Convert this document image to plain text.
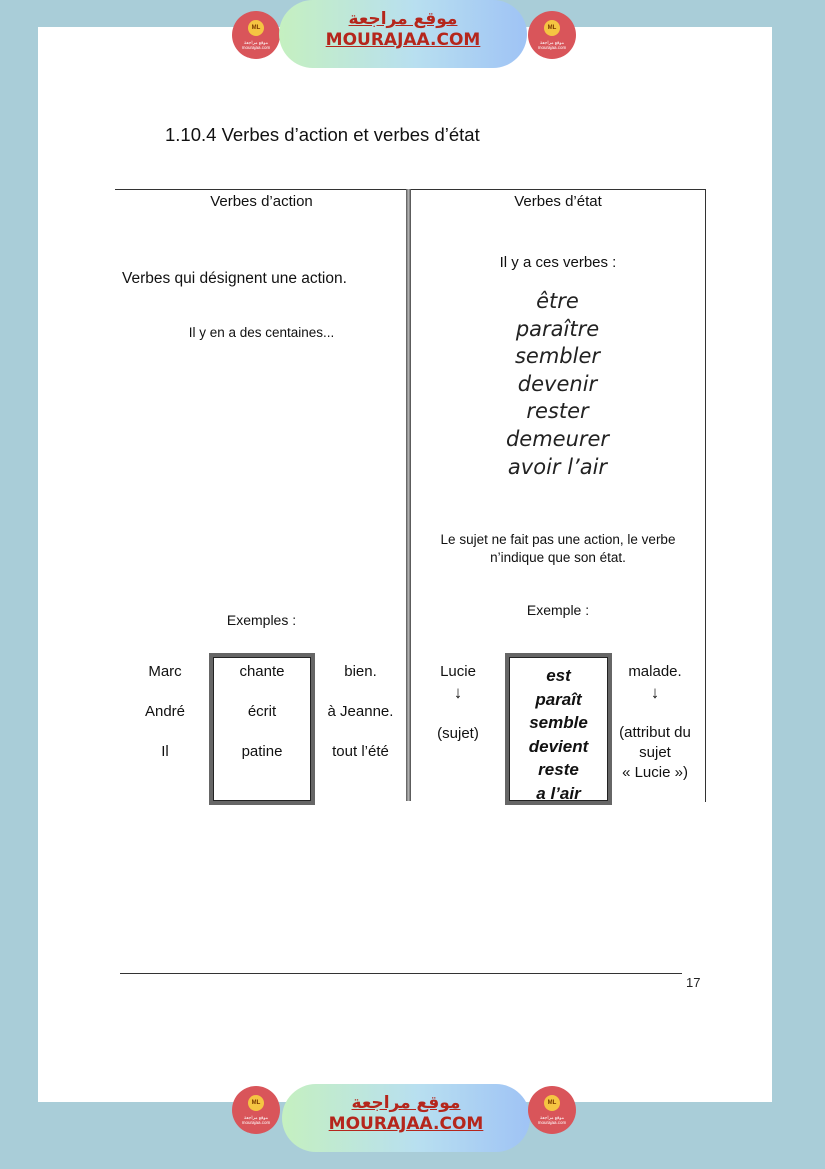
ML
موقع مراجعة mourajaa.com
موقع مراجعة
MOURAJAA.COM
ML
موقع مراجعة mourajaa.com
1.10.4 Verbes d’action et verbes d’état
Verbes d’action
Verbes qui désignent une action.
Il y en a des centaines...
Exemples :
Marc
André
Il
chante
écrit
patine
bien.
à Jeanne.
tout l’été
Verbes d’état
Il y a ces verbes :
être
paraître
sembler
devenir
rester
demeurer
avoir l’air
Le sujet ne fait pas une action, le verbe
n’indique que son état.
Exemple :
Lucie
↓
(sujet)
est
paraît
semble
devient
reste
a l’air
malade.
↓
(attribut du
sujet
« Lucie »)
17
ML
موقع مراجعة mourajaa.com
موقع مراجعة
MOURAJAA.COM
ML
موقع مراجعة mourajaa.com
